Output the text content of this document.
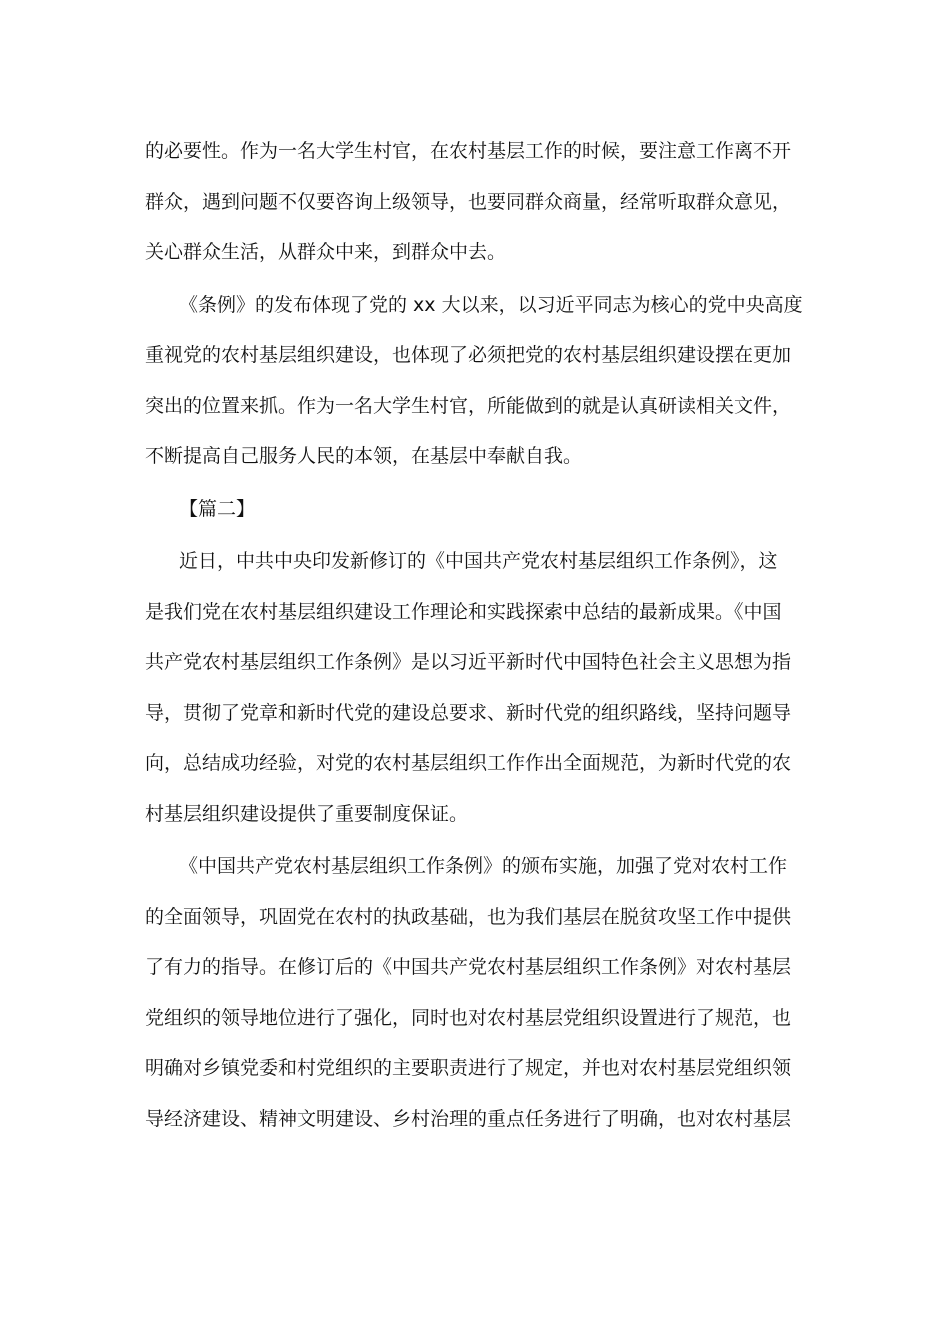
的必要性。作为一名大学生村官，在农村基层工作的时候，要注意工作离不开
群众，遇到问题不仅要咨询上级领导，也要同群众商量，经常听取群众意见，
关心群众生活，从群众中来，到群众中去。

《条例》的发布体现了党的 xx 大以来，以习近平同志为核心的党中央高度
重视党的农村基层组织建设，也体现了必须把党的农村基层组织建设摆在更加
突出的位置来抓。作为一名大学生村官，所能做到的就是认真研读相关文件，
不断提高自己服务人民的本领，在基层中奉献自我。

【篇二】

近日，中共中央印发新修订的《中国共产党农村基层组织工作条例》，这
是我们党在农村基层组织建设工作理论和实践探索中总结的最新成果。《中国
共产党农村基层组织工作条例》是以习近平新时代中国特色社会主义思想为指
导，贯彻了党章和新时代党的建设总要求、新时代党的组织路线，坚持问题导
向，总结成功经验，对党的农村基层组织工作作出全面规范，为新时代党的农
村基层组织建设提供了重要制度保证。

《中国共产党农村基层组织工作条例》的颁布实施，加强了党对农村工作
的全面领导，巩固党在农村的执政基础，也为我们基层在脱贫攻坚工作中提供
了有力的指导。在修订后的《中国共产党农村基层组织工作条例》对农村基层
党组织的领导地位进行了强化，同时也对农村基层党组织设置进行了规范，也
明确对乡镇党委和村党组织的主要职责进行了规定，并也对农村基层党组织领
导经济建设、精神文明建设、乡村治理的重点任务进行了明确，也对农村基层
